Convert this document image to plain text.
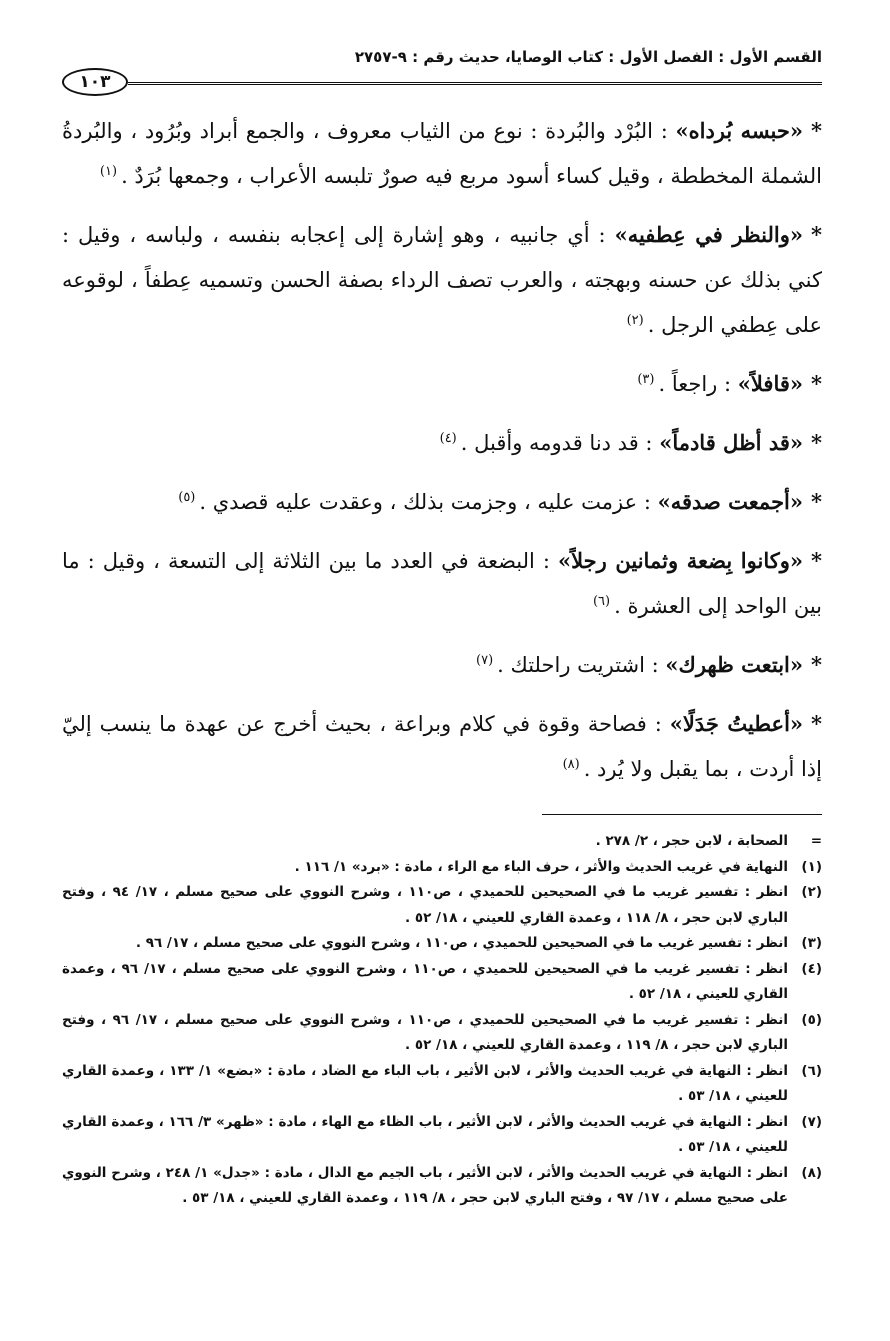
القسم الأول : الفصل الأول : كتاب الوصايا، حديث رقم : ٩-٢٧٥٧
١٠٣

*«حبسه بُرداه» : البُرْد والبُردة : نوع من الثياب معروف ، والجمع أبراد وبُرُود ، والبُردةُ الشملة المخططة ، وقيل كساء أسود مربع فيه صورٌ تلبسه الأعراب ، وجمعها بُرَدٌ .$^{(١)}$

*«والنظر في عِطفيه» : أي جانبيه ، وهو إشارة إلى إعجابه بنفسه ، ولباسه ، وقيل : كني بذلك عن حسنه وبهجته ، والعرب تصف الرداء بصفة الحسن وتسميه عِطفاً ، لوقوعه على عِطفي الرجل .$^{(٢)}$

*«قافلاً» : راجعاً .$^{(٣)}$

*«قد أظل قادماً» : قد دنا قدومه وأقبل .$^{(٤)}$

*«أجمعت صدقه» : عزمت عليه ، وجزمت بذلك ، وعقدت عليه قصدي .$^{(٥)}$

*«وكانوا بِضعة وثمانين رجلاً» : البضعة في العدد ما بين الثلاثة إلى التسعة ، وقيل : ما بين الواحد إلى العشرة .$^{(٦)}$

*«ابتعت ظهرك» : اشتريت راحلتك .$^{(٧)}$

*«أعطيتُ جَدَلًا» : فصاحة وقوة في كلام وبراعة ، بحيث أخرج عن عهدة ما ينسب إليّ إذا أردت ، بما يقبل ولا يُرد .$^{(٨)}$

=
الصحابة ، لابن حجر ، ٢/ ٢٧٨ .
(١)
النهاية في غريب الحديث والأثر ، حرف الباء مع الراء ، مادة : «برد» ١/ ١١٦ .
(٢)
انظر : تفسير غريب ما في الصحيحين للحميدي ، ص١١٠ ، وشرح النووي على صحيح مسلم ، ١٧/ ٩٤ ، وفتح الباري لابن حجر ، ٨/ ١١٨ ، وعمدة القاري للعيني ، ١٨/ ٥٢ .
(٣)
انظر : تفسير غريب ما في الصحيحين للحميدي ، ص١١٠ ، وشرح النووي على صحيح مسلم ، ١٧/ ٩٦ .
(٤)
انظر : تفسير غريب ما في الصحيحين للحميدي ، ص١١٠ ، وشرح النووي على صحيح مسلم ، ١٧/ ٩٦ ، وعمدة القاري للعيني ، ١٨/ ٥٢ .
(٥)
انظر : تفسير غريب ما في الصحيحين للحميدي ، ص١١٠ ، وشرح النووي على صحيح مسلم ، ١٧/ ٩٦ ، وفتح الباري لابن حجر ، ٨/ ١١٩ ، وعمدة القاري للعيني ، ١٨/ ٥٢ .
(٦)
انظر : النهاية في غريب الحديث والأثر ، لابن الأثير ، باب الباء مع الضاد ، مادة : «بضع» ١/ ١٣٣ ، وعمدة القاري للعيني ، ١٨/ ٥٣ .
(٧)
انظر : النهاية في غريب الحديث والأثر ، لابن الأثير ، باب الظاء مع الهاء ، مادة : «ظهر» ٣/ ١٦٦ ، وعمدة القاري للعيني ، ١٨/ ٥٣ .
(٨)
انظر : النهاية في غريب الحديث والأثر ، لابن الأثير ، باب الجيم مع الدال ، مادة : «جدل» ١/ ٢٤٨ ، وشرح النووي على صحيح مسلم ، ١٧/ ٩٧ ، وفتح الباري لابن حجر ، ٨/ ١١٩ ، وعمدة القاري للعيني ، ١٨/ ٥٣ .
